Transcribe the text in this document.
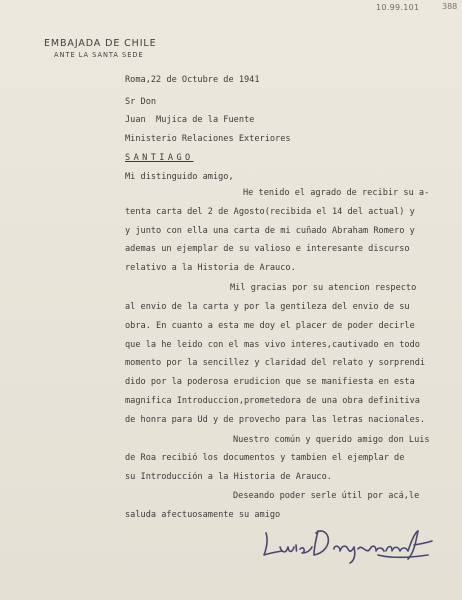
10.99.101	388
EMBAJADA DE CHILE
ANTE LA SANTA SEDE
Roma,22 de Octubre de 1941
Sr Don
Juan  Mujica de la Fuente
Ministerio Relaciones Exteriores
SANTIAGO
Mi distinguido amigo,
He tenido el agrado de recibir su a-
tenta carta del 2 de Agosto(recibida el 14 del actual) y
y junto con ella una carta de mi cuñado Abraham Romero y
ademas un ejemplar de su valioso e interesante discurso
relativo a la Historia de Arauco.
Mil gracias por su atencion respecto
al envio de la carta y por la gentileza del envio de su
obra. En cuanto a esta me doy el placer de poder decirle
que la he leido con el mas vivo interes,cautivado en todo
momento por la sencillez y claridad del relato y sorprendi
dido por la poderosa erudicion que se manifiesta en esta
magnifica Introduccion,prometedora de una obra definitiva
de honra para Ud y de provecho para las letras nacionales.
Nuestro común y querido amigo don Luis
de Roa recibió los documentos y tambien el ejemplar de
su Introducción a la Historia de Arauco.
Deseando poder serle útil por acá,le
saluda afectuosamente su amigo
